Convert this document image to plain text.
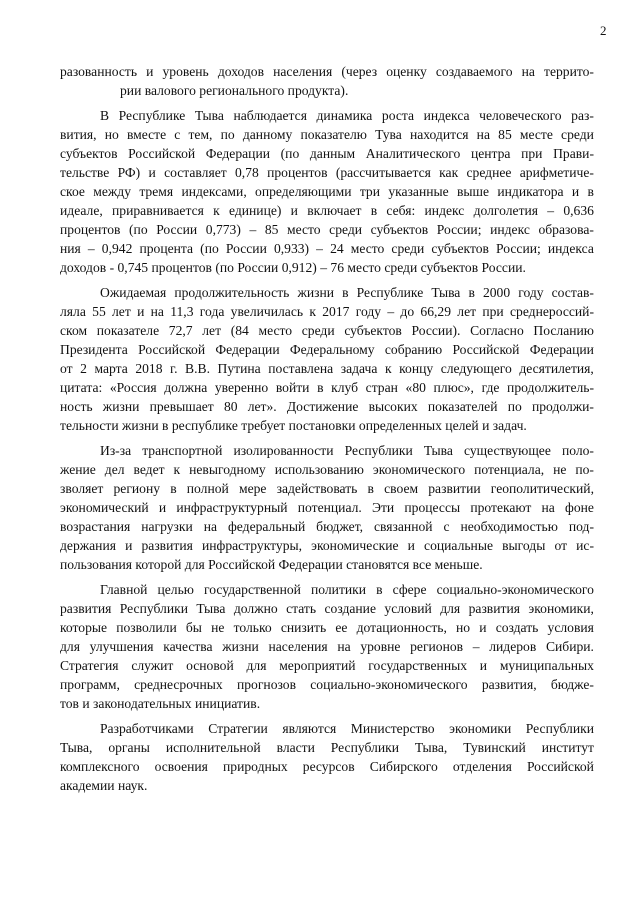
2
разованность и уровень доходов населения (через оценку создаваемого на террито-
рии валового регионального продукта).
В Республике Тыва наблюдается динамика роста индекса человеческого раз-
вития, но вместе с тем, по данному показателю Тува находится на 85 месте среди
субъектов Российской Федерации (по данным Аналитического центра при Прави-
тельстве РФ) и составляет 0,78 процентов (рассчитывается как среднее арифметиче-
ское между тремя индексами, определяющими три указанные выше индикатора и в
идеале, приравнивается к единице) и включает в себя: индекс долголетия – 0,636
процентов (по России 0,773) – 85 место среди субъектов России; индекс образова-
ния – 0,942 процента (по России 0,933) – 24 место среди субъектов России; индекса
доходов - 0,745 процентов (по России 0,912) – 76 место среди субъектов России.
Ожидаемая продолжительность жизни в Республике Тыва в 2000 году состав-
ляла 55 лет и на 11,3 года увеличилась к 2017 году – до 66,29 лет при среднероссий-
ском показателе 72,7 лет (84 место среди субъектов России). Согласно Посланию
Президента Российской Федерации Федеральному собранию Российской Федерации
от 2 марта 2018 г. В.В. Путина поставлена задача к концу следующего десятилетия,
цитата: «Россия должна уверенно войти в клуб стран «80 плюс», где продолжитель-
ность жизни превышает 80 лет». Достижение высоких показателей по продолжи-
тельности жизни в республике требует постановки определенных целей и задач.
Из-за транспортной изолированности Республики Тыва существующее поло-
жение дел ведет к невыгодному использованию экономического потенциала, не по-
зволяет региону в полной мере задействовать в своем развитии геополитический,
экономический и инфраструктурный потенциал. Эти процессы протекают на фоне
возрастания нагрузки на федеральный бюджет, связанной с необходимостью под-
держания и развития инфраструктуры, экономические и социальные выгоды от ис-
пользования которой для Российской Федерации становятся все меньше.
Главной целью государственной политики в сфере социально-экономического
развития Республики Тыва должно стать создание условий для развития экономики,
которые позволили бы не только снизить ее дотационность, но и создать условия
для улучшения качества жизни населения на уровне регионов – лидеров Сибири.
Стратегия служит основой для мероприятий государственных и муниципальных
программ, среднесрочных прогнозов социально-экономического развития, бюдже-
тов и законодательных инициатив.
Разработчиками Стратегии являются Министерство экономики Республики
Тыва, органы исполнительной власти Республики Тыва, Тувинский институт
комплексного освоения природных ресурсов Сибирского отделения Российской
академии наук.
